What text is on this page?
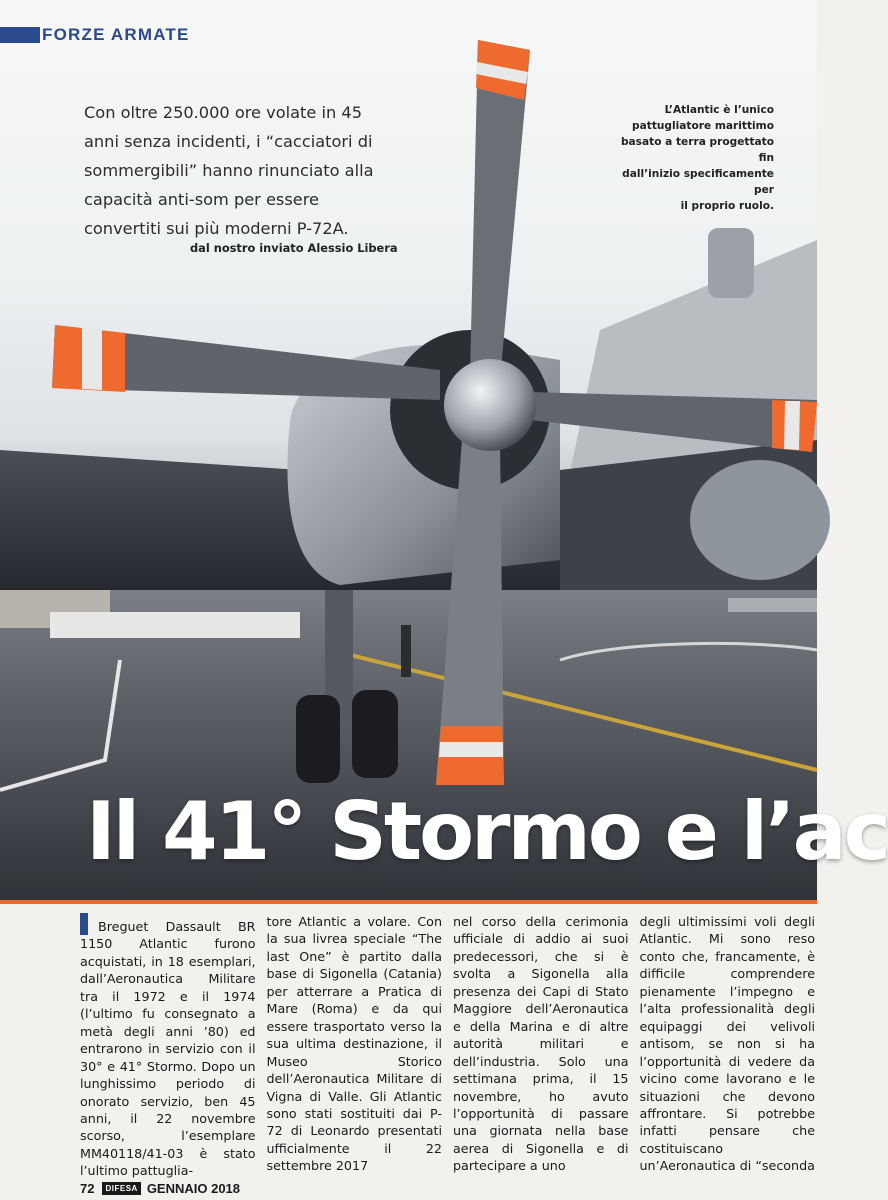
FORZE ARMATE
Con oltre 250.000 ore volate in 45
anni senza incidenti, i “cacciatori di
sommergibili” hanno rinunciato alla
capacità anti-som per essere
convertiti sui più moderni P-72A.
dal nostro inviato Alessio Libera
L’Atlantic è l’unico
pattugliatore marittimo
basato a terra progettato fin
dall’inizio specificamente per
il proprio ruolo.
Il 41° Stormo e l’ac
Breguet Dassault BR 1150 Atlantic furono acquistati, in 18 esemplari, dall’Aeronautica Militare tra il 1972 e il 1974 (l’ultimo fu consegnato a metà degli anni ’80) ed entrarono in servizio con il 30° e 41° Stormo. Dopo un lunghissimo periodo di onorato servizio, ben 45 anni, il 22 novembre scorso, l’esemplare MM40118/41-03 è stato l’ultimo pattuglia-
tore Atlantic a volare. Con la sua livrea speciale “The last One” è partito dalla base di Sigonella (Catania) per atterrare a Pratica di Mare (Roma) e da qui essere trasportato verso la sua ultima destinazione, il Museo Storico dell’Aeronautica Militare di Vigna di Valle. Gli Atlantic sono stati sostituiti dai P-72 di Leonardo presentati ufficialmente il 22 settembre 2017
nel corso della cerimonia ufficiale di addio ai suoi predecessori, che si è svolta a Sigonella alla presenza dei Capi di Stato Maggiore dell’Aeronautica e della Marina e di altre autorità militari e dell’industria. Solo una settimana prima, il 15 novembre, ho avuto l’opportunità di passare una giornata nella base aerea di Sigonella e di partecipare a uno
degli ultimissimi voli degli Atlantic. Mi sono reso conto che, francamente, è difficile comprendere pienamente l’impegno e l’alta professionalità degli equipaggi dei velivoli antisom, se non si ha l’opportunità di vedere da vicino come lavorano e le situazioni che devono affrontare. Si potrebbe infatti pensare che costituiscano un’Aeronautica di “seconda
72	DIFESA GENNAIO 2018
